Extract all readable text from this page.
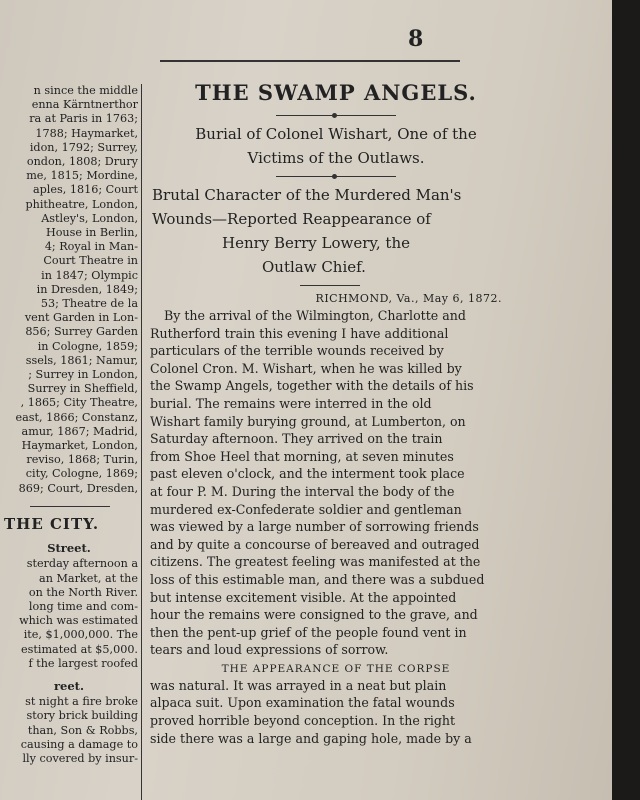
8
n since the middle
enna Kärntnerthor
ra at Paris in 1763;
1788; Haymarket,
idon, 1792; Surrey,
ondon, 1808; Drury
me, 1815; Mordine,
aples, 1816; Court
phitheatre, London,
Astley's, London,
House in Berlin,
4; Royal in Man-
Court Theatre in
in 1847; Olympic
in Dresden, 1849;
53; Theatre de la
vent Garden in Lon-
856; Surrey Garden
in Cologne, 1859;
ssels, 1861; Namur,
; Surrey in London,
Surrey in Sheffield,
, 1865; City Theatre,
east, 1866; Constanz,
amur, 1867; Madrid,
Haymarket, London,
reviso, 1868; Turin,
city, Cologne, 1869;
869; Court, Dresden,
THE CITY.
Street.
sterday afternoon a
an Market, at the
on the North River.
long time and com-
which was estimated
ite, $1,000,000. The
estimated at $5,000.
f the largest roofed
reet.
st night a fire broke
story brick building
than, Son & Robbs,
causing a damage to
lly covered by insur-
THE SWAMP ANGELS.
Burial of Colonel Wishart, One of the
Victims of the Outlaws.
Brutal Character of the Murdered Man's
Wounds—Reported Reappearance of
Henry Berry Lowery, the
Outlaw Chief.
RICHMOND, Va., May 6, 1872.
By the arrival of the Wilmington, Charlotte and
Rutherford train this evening I have additional
particulars of the terrible wounds received by
Colonel Cron. M. Wishart, when he was killed by
the Swamp Angels, together with the details of his
burial. The remains were interred in the old
Wishart family burying ground, at Lumberton, on
Saturday afternoon. They arrived on the train
from Shoe Heel that morning, at seven minutes
past eleven o'clock, and the interment took place
at four P. M. During the interval the body of the
murdered ex-Confederate soldier and gentleman
was viewed by a large number of sorrowing friends
and by quite a concourse of bereaved and outraged
citizens. The greatest feeling was manifested at the
loss of this estimable man, and there was a subdued
but intense excitement visible. At the appointed
hour the remains were consigned to the grave, and
then the pent-up grief of the people found vent in
tears and loud expressions of sorrow.
THE APPEARANCE OF THE CORPSE
was natural. It was arrayed in a neat but plain
alpaca suit. Upon examination the fatal wounds
proved horrible beyond conception. In the right
side there was a large and gaping hole, made by a
